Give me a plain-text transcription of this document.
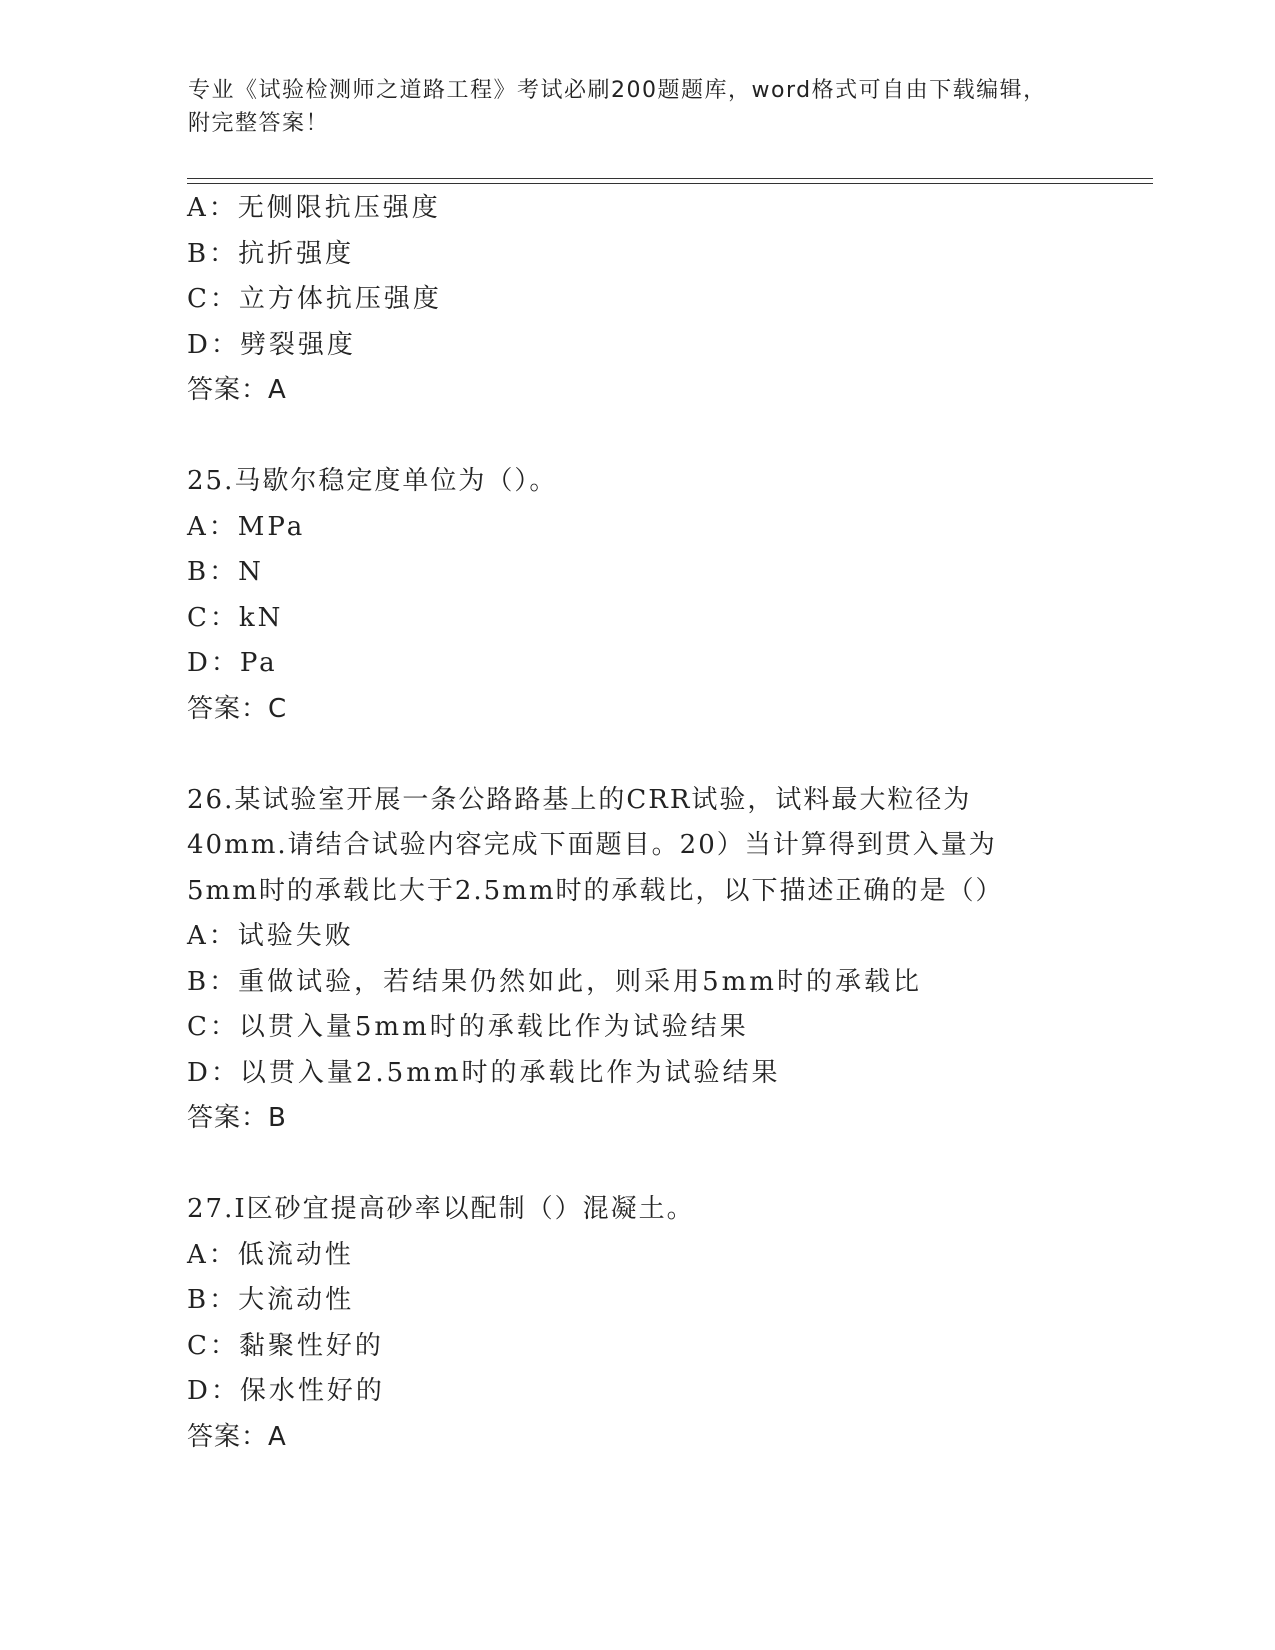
专业《试验检测师之道路工程》考试必刷200题题库，word格式可自由下载编辑，附完整答案！
A：无侧限抗压强度
B：抗折强度
C：立方体抗压强度
D：劈裂强度
答案：A
25.马歇尔稳定度单位为（）。
A：MPa
B：N
C：kN
D：Pa
答案：C
26.某试验室开展一条公路路基上的CRR试验，试料最大粒径为40mm.请结合试验内容完成下面题目。20）当计算得到贯入量为5mm时的承载比大于2.5mm时的承载比，以下描述正确的是（）
A：试验失败
B：重做试验，若结果仍然如此，则采用5mm时的承载比
C：以贯入量5mm时的承载比作为试验结果
D：以贯入量2.5mm时的承载比作为试验结果
答案：B
27.Ⅰ区砂宜提高砂率以配制（）混凝土。
A：低流动性
B：大流动性
C：黏聚性好的
D：保水性好的
答案：A
